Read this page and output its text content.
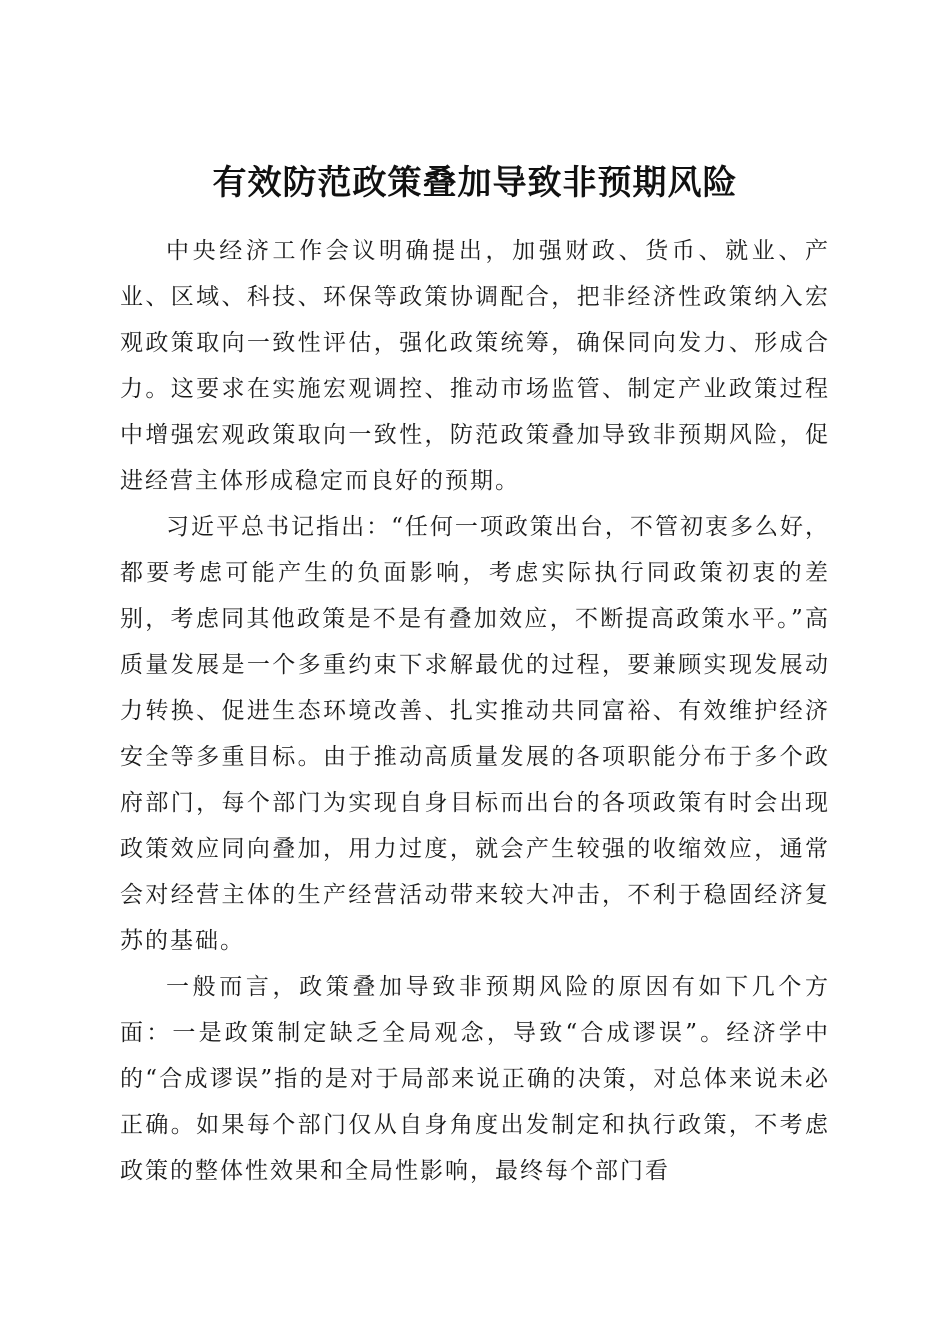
有效防范政策叠加导致非预期风险

中央经济工作会议明确提出，加强财政、货币、就业、产业、区域、科技、环保等政策协调配合，把非经济性政策纳入宏观政策取向一致性评估，强化政策统筹，确保同向发力、形成合力。这要求在实施宏观调控、推动市场监管、制定产业政策过程中增强宏观政策取向一致性，防范政策叠加导致非预期风险，促进经营主体形成稳定而良好的预期。

习近平总书记指出：“任何一项政策出台，不管初衷多么好，都要考虑可能产生的负面影响，考虑实际执行同政策初衷的差别，考虑同其他政策是不是有叠加效应，不断提高政策水平。”高质量发展是一个多重约束下求解最优的过程，要兼顾实现发展动力转换、促进生态环境改善、扎实推动共同富裕、有效维护经济安全等多重目标。由于推动高质量发展的各项职能分布于多个政府部门，每个部门为实现自身目标而出台的各项政策有时会出现政策效应同向叠加，用力过度，就会产生较强的收缩效应，通常会对经营主体的生产经营活动带来较大冲击，不利于稳固经济复苏的基础。

一般而言，政策叠加导致非预期风险的原因有如下几个方面：一是政策制定缺乏全局观念，导致“合成谬误”。经济学中的“合成谬误”指的是对于局部来说正确的决策，对总体来说未必正确。如果每个部门仅从自身角度出发制定和执行政策，不考虑政策的整体性效果和全局性影响，最终每个部门看
